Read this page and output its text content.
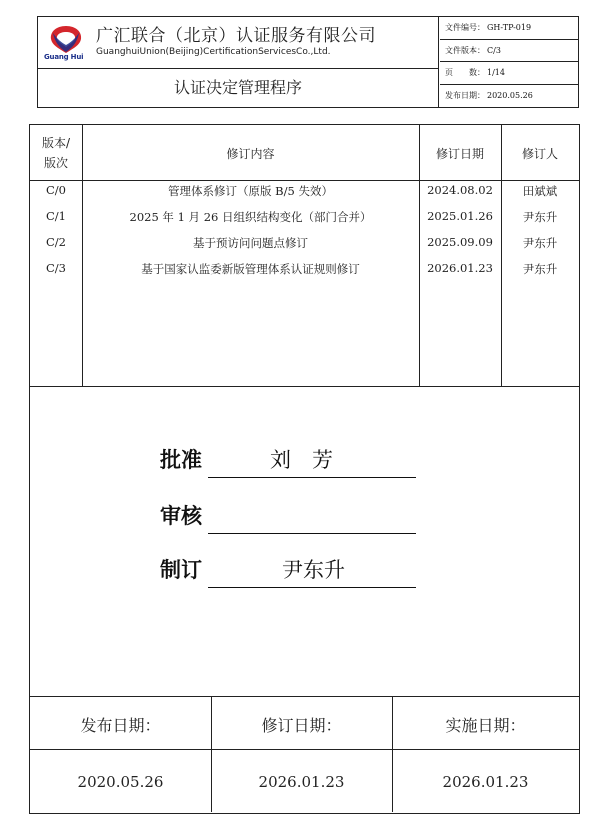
Guang Hui
广汇联合（北京）认证服务有限公司
GuanghuiUnion(Beijing)CertificationServicesCo.,Ltd.
认证决定管理程序
文件编号： GH-TP-019
文件版本： C/3
页　　数： 1/14
发布日期： 2020.05.26
版本/
版次
修订内容	修订日期	修订人
C/0	管理体系修订（原版 B/5 失效）	2024.08.02	田斌斌
C/1	2025 年 1 月 26 日组织结构变化（部门合并）	2025.01.26	尹东升
C/2	基于预访问问题点修订	2025.09.09	尹东升
C/3	基于国家认监委新版管理体系认证规则修订	2026.01.23	尹东升
批准	刘　芳
审核
制订	尹东升
发布日期：	修订日期：	实施日期：
2020.05.26	2026.01.23	2026.01.23
